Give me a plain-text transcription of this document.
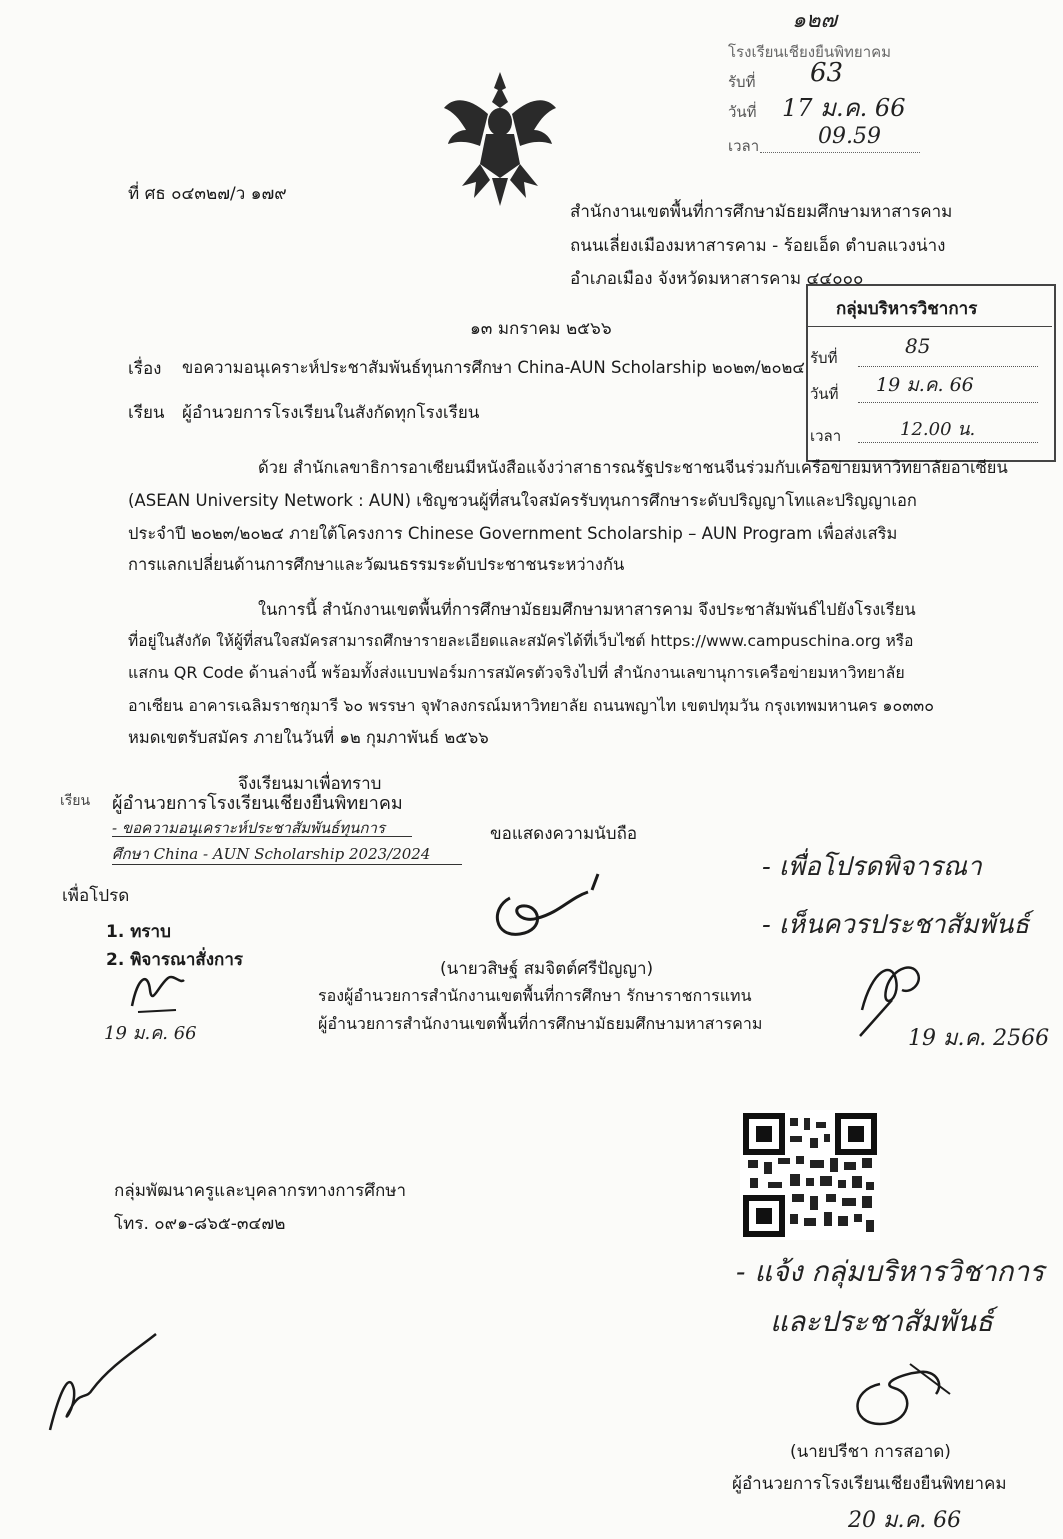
๑๒๗
โรงเรียนเชียงยืนพิทยาคม
รับที่ 63
วันที่ 17 ม.ค. 66
เวลา	09.59
ที่ ศธ ๐๔๓๒๗/ว ๑๗๙
สำนักงานเขตพื้นที่การศึกษามัธยมศึกษามหาสารคาม
ถนนเลี่ยงเมืองมหาสารคาม - ร้อยเอ็ด ตำบลแวงน่าง
อำเภอเมือง จังหวัดมหาสารคาม ๔๔๐๐๐
กลุ่มบริหารวิชาการ
รับที่	85
วันที่ 19 ม.ค. 66
เวลา	12.00 น.
๑๓ มกราคม ๒๕๖๖
เรื่อง ขอความอนุเคราะห์ประชาสัมพันธ์ทุนการศึกษา China-AUN Scholarship ๒๐๒๓/๒๐๒๔
เรียน ผู้อำนวยการโรงเรียนในสังกัดทุกโรงเรียน
ด้วย สำนักเลขาธิการอาเซียนมีหนังสือแจ้งว่าสาธารณรัฐประชาชนจีนร่วมกับเครือข่ายมหาวิทยาลัยอาเซียน
(ASEAN University Network : AUN) เชิญชวนผู้ที่สนใจสมัครรับทุนการศึกษาระดับปริญญาโทและปริญญาเอก
ประจำปี ๒๐๒๓/๒๐๒๔ ภายใต้โครงการ Chinese Government Scholarship – AUN Program เพื่อส่งเสริม
การแลกเปลี่ยนด้านการศึกษาและวัฒนธรรมระดับประชาชนระหว่างกัน
ในการนี้ สำนักงานเขตพื้นที่การศึกษามัธยมศึกษามหาสารคาม จึงประชาสัมพันธ์ไปยังโรงเรียน
ที่อยู่ในสังกัด ให้ผู้ที่สนใจสมัครสามารถศึกษารายละเอียดและสมัครได้ที่เว็บไซต์ https://www.campuschina.org หรือ
แสกน QR Code ด้านล่างนี้ พร้อมทั้งส่งแบบฟอร์มการสมัครตัวจริงไปที่ สำนักงานเลขานุการเครือข่ายมหาวิทยาลัย
อาเซียน อาคารเฉลิมราชกุมารี ๖๐ พรรษา จุฬาลงกรณ์มหาวิทยาลัย ถนนพญาไท เขตปทุมวัน กรุงเทพมหานคร ๑๐๓๓๐
หมดเขตรับสมัคร ภายในวันที่ ๑๒ กุมภาพันธ์ ๒๕๖๖
จึงเรียนมาเพื่อทราบ
เรียน ผู้อำนวยการโรงเรียนเชียงยืนพิทยาคม
- ขอความอนุเคราะห์ประชาสัมพันธ์ทุนการ
ศึกษา China - AUN Scholarship 2023/2024
ขอแสดงความนับถือ
(นายวสิษฐ์ สมจิตต์ศรีปัญญา)
รองผู้อำนวยการสำนักงานเขตพื้นที่การศึกษา รักษาราชการแทน
ผู้อำนวยการสำนักงานเขตพื้นที่การศึกษามัธยมศึกษามหาสารคาม
- เพื่อโปรดพิจารณา
- เห็นควรประชาสัมพันธ์
19 ม.ค. 2566
เพื่อโปรด
1. ทราบ
2. พิจารณาสั่งการ
19 ม.ค. 66
กลุ่มพัฒนาครูและบุคลากรทางการศึกษา
โทร. ๐๙๑-๘๖๕-๓๔๗๒
- แจ้ง กลุ่มบริหารวิชาการ
และประชาสัมพันธ์
(นายปรีชา การสอาด)
ผู้อำนวยการโรงเรียนเชียงยืนพิทยาคม
20 ม.ค. 66
